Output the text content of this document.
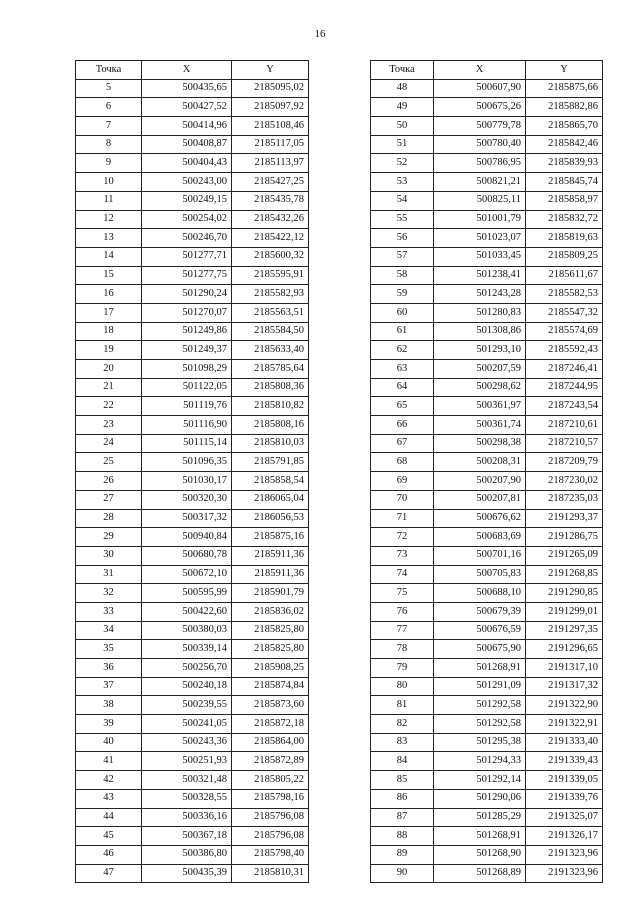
16
Точка	X	Y
5	500435,65	2185095,02
6	500427,52	2185097,92
7	500414,96	2185108,46
8	500408,87	2185117,05
9	500404,43	2185113,97
10	500243,00	2185427,25
11	500249,15	2185435,78
12	500254,02	2185432,26
13	500246,70	2185422,12
14	501277,71	2185600,32
15	501277,75	2185595,91
16	501290,24	2185582,93
17	501270,07	2185563,51
18	501249,86	2185584,50
19	501249,37	2185633,40
20	501098,29	2185785,64
21	501122,05	2185808,36
22	501119,76	2185810,82
23	501116,90	2185808,16
24	501115,14	2185810,03
25	501096,35	2185791,85
26	501030,17	2185858,54
27	500320,30	2186065,04
28	500317,32	2186056,53
29	500940,84	2185875,16
30	500680,78	2185911,36
31	500672,10	2185911,36
32	500595,99	2185901,79
33	500422,60	2185836,02
34	500380,03	2185825,80
35	500339,14	2185825,80
36	500256,70	2185908,25
37	500240,18	2185874,84
38	500239,55	2185873,60
39	500241,05	2185872,18
40	500243,36	2185864,00
41	500251,93	2185872,89
42	500321,48	2185805,22
43	500328,55	2185798,16
44	500336,16	2185796,08
45	500367,18	2185796,08
46	500386,80	2185798,40
47	500435,39	2185810,31
Точка	X	Y
48	500607,90	2185875,66
49	500675,26	2185882,86
50	500779,78	2185865,70
51	500780,40	2185842,46
52	500786,95	2185839,93
53	500821,21	2185845,74
54	500825,11	2185858,97
55	501001,79	2185832,72
56	501023,07	2185819,63
57	501033,45	2185809,25
58	501238,41	2185611,67
59	501243,28	2185582,53
60	501280,83	2185547,32
61	501308,86	2185574,69
62	501293,10	2185592,43
63	500207,59	2187246,41
64	500298,62	2187244,95
65	500361,97	2187243,54
66	500361,74	2187210,61
67	500298,38	2187210,57
68	500208,31	2187209,79
69	500207,90	2187230,02
70	500207,81	2187235,03
71	500676,62	2191293,37
72	500683,69	2191286,75
73	500701,16	2191265,09
74	500705,83	2191268,85
75	500688,10	2191290,85
76	500679,39	2191299,01
77	500676,59	2191297,35
78	500675,90	2191296,65
79	501268,91	2191317,10
80	501291,09	2191317,32
81	501292,58	2191322,90
82	501292,58	2191322,91
83	501295,38	2191333,40
84	501294,33	2191339,43
85	501292,14	2191339,05
86	501290,06	2191339,76
87	501285,29	2191325,07
88	501268,91	2191326,17
89	501268,90	2191323,96
90	501268,89	2191323,96
